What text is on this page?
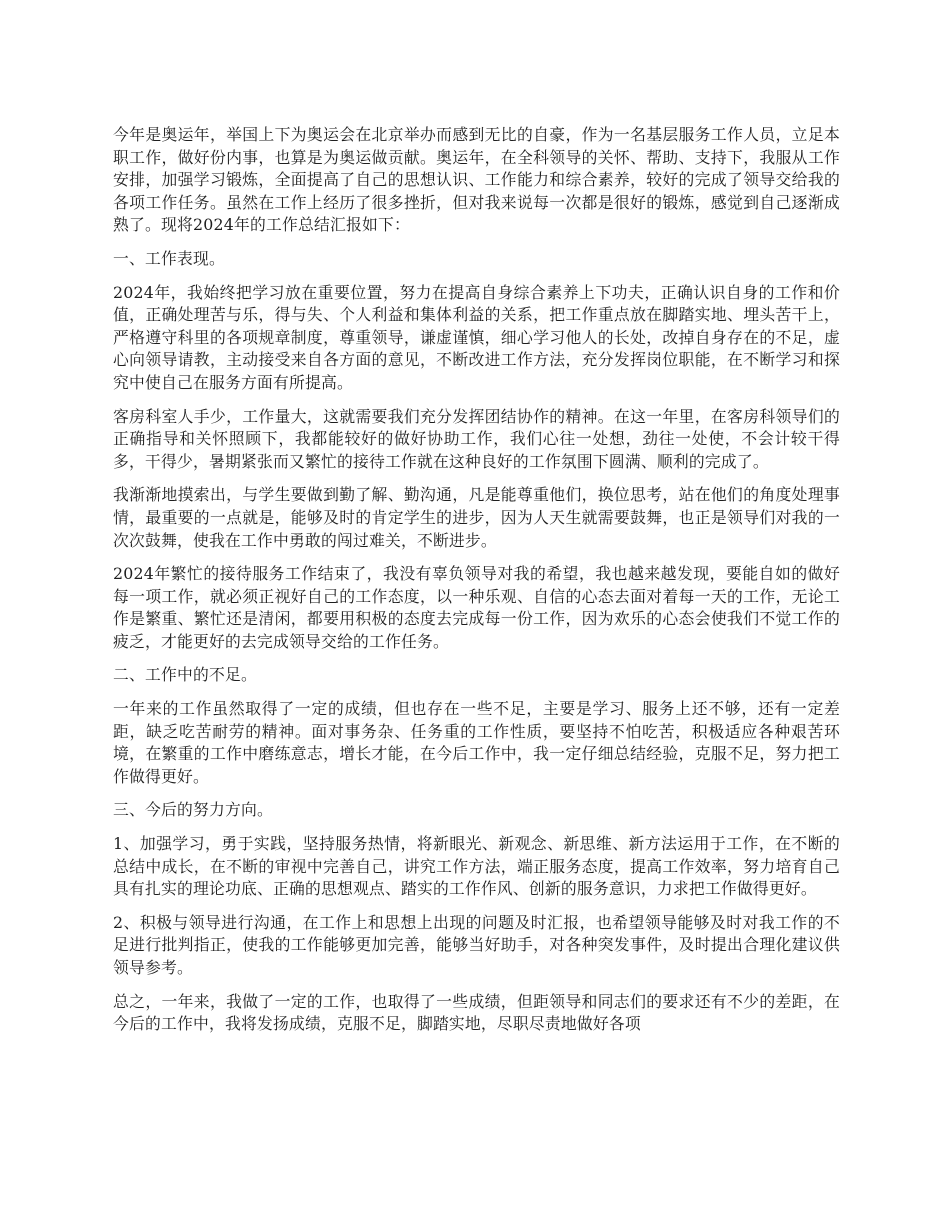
今年是奥运年，举国上下为奥运会在北京举办而感到无比的自豪，作为一名基层服务工作人员，立足本职工作，做好份内事，也算是为奥运做贡献。奥运年，在全科领导的关怀、帮助、支持下，我服从工作安排，加强学习锻炼，全面提高了自己的思想认识、工作能力和综合素养，较好的完成了领导交给我的各项工作任务。虽然在工作上经历了很多挫折，但对我来说每一次都是很好的锻炼，感觉到自己逐渐成熟了。现将2024年的工作总结汇报如下：

一、工作表现。

2024年，我始终把学习放在重要位置，努力在提高自身综合素养上下功夫，正确认识自身的工作和价值，正确处理苦与乐，得与失、个人利益和集体利益的关系，把工作重点放在脚踏实地、埋头苦干上，严格遵守科里的各项规章制度，尊重领导，谦虚谨慎，细心学习他人的长处，改掉自身存在的不足，虚心向领导请教，主动接受来自各方面的意见，不断改进工作方法，充分发挥岗位职能，在不断学习和探究中使自己在服务方面有所提高。

客房科室人手少，工作量大，这就需要我们充分发挥团结协作的精神。在这一年里，在客房科领导们的正确指导和关怀照顾下，我都能较好的做好协助工作，我们心往一处想，劲往一处使，不会计较干得多，干得少，暑期紧张而又繁忙的接待工作就在这种良好的工作氛围下圆满、顺利的完成了。

我渐渐地摸索出，与学生要做到勤了解、勤沟通，凡是能尊重他们，换位思考，站在他们的角度处理事情，最重要的一点就是，能够及时的肯定学生的进步，因为人天生就需要鼓舞，也正是领导们对我的一次次鼓舞，使我在工作中勇敢的闯过难关，不断进步。

2024年繁忙的接待服务工作结束了，我没有辜负领导对我的希望，我也越来越发现，要能自如的做好每一项工作，就必须正视好自己的工作态度，以一种乐观、自信的心态去面对着每一天的工作，无论工作是繁重、繁忙还是清闲，都要用积极的态度去完成每一份工作，因为欢乐的心态会使我们不觉工作的疲乏，才能更好的去完成领导交给的工作任务。

二、工作中的不足。

一年来的工作虽然取得了一定的成绩，但也存在一些不足，主要是学习、服务上还不够，还有一定差距，缺乏吃苦耐劳的精神。面对事务杂、任务重的工作性质，要坚持不怕吃苦，积极适应各种艰苦环境，在繁重的工作中磨练意志，增长才能，在今后工作中，我一定仔细总结经验，克服不足，努力把工作做得更好。

三、今后的努力方向。

1、加强学习，勇于实践，坚持服务热情，将新眼光、新观念、新思维、新方法运用于工作，在不断的总结中成长，在不断的审视中完善自己，讲究工作方法，端正服务态度，提高工作效率，努力培育自己具有扎实的理论功底、正确的思想观点、踏实的工作作风、创新的服务意识，力求把工作做得更好。

2、积极与领导进行沟通，在工作上和思想上出现的问题及时汇报，也希望领导能够及时对我工作的不足进行批判指正，使我的工作能够更加完善，能够当好助手，对各种突发事件，及时提出合理化建议供领导参考。

总之，一年来，我做了一定的工作，也取得了一些成绩，但距领导和同志们的要求还有不少的差距，在今后的工作中，我将发扬成绩，克服不足，脚踏实地，尽职尽责地做好各项
